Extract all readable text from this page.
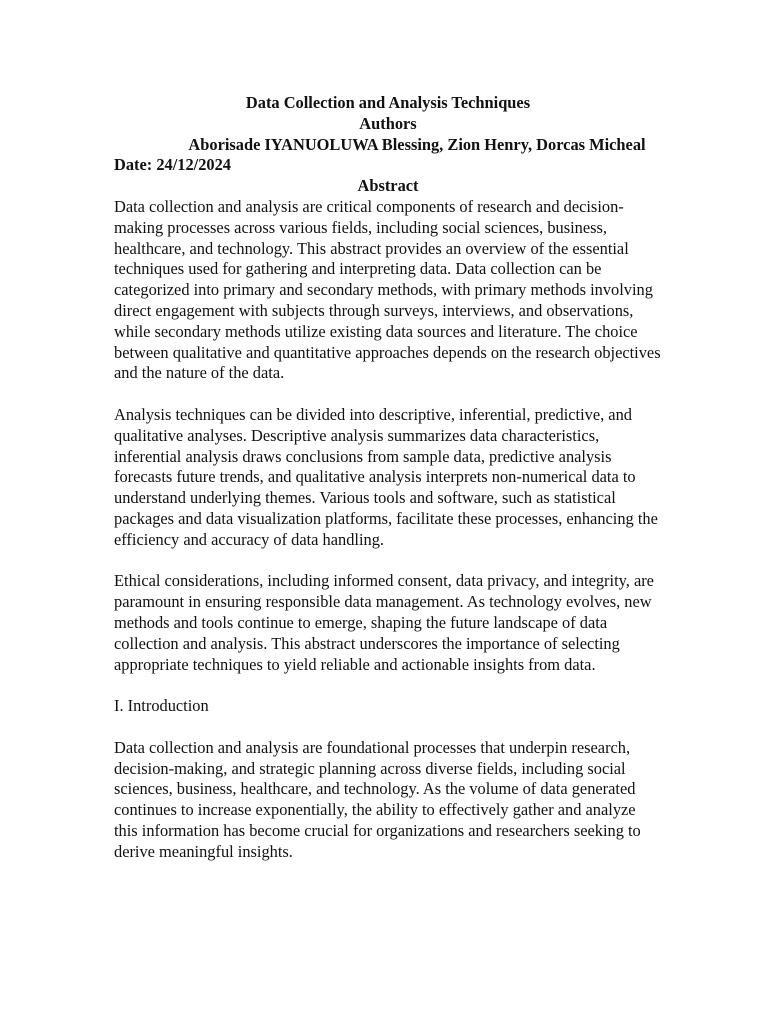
Data Collection and Analysis Techniques
Authors
Aborisade IYANUOLUWA Blessing, Zion Henry, Dorcas Micheal
Date: 24/12/2024
Abstract

Data collection and analysis are critical components of research and decision-making processes across various fields, including social sciences, business, healthcare, and technology. This abstract provides an overview of the essential techniques used for gathering and interpreting data. Data collection can be categorized into primary and secondary methods, with primary methods involving direct engagement with subjects through surveys, interviews, and observations, while secondary methods utilize existing data sources and literature. The choice between qualitative and quantitative approaches depends on the research objectives and the nature of the data.

Analysis techniques can be divided into descriptive, inferential, predictive, and qualitative analyses. Descriptive analysis summarizes data characteristics, inferential analysis draws conclusions from sample data, predictive analysis forecasts future trends, and qualitative analysis interprets non-numerical data to understand underlying themes. Various tools and software, such as statistical packages and data visualization platforms, facilitate these processes, enhancing the efficiency and accuracy of data handling.

Ethical considerations, including informed consent, data privacy, and integrity, are paramount in ensuring responsible data management. As technology evolves, new methods and tools continue to emerge, shaping the future landscape of data collection and analysis. This abstract underscores the importance of selecting appropriate techniques to yield reliable and actionable insights from data.

I. Introduction

Data collection and analysis are foundational processes that underpin research, decision-making, and strategic planning across diverse fields, including social sciences, business, healthcare, and technology. As the volume of data generated continues to increase exponentially, the ability to effectively gather and analyze this information has become crucial for organizations and researchers seeking to derive meaningful insights.
